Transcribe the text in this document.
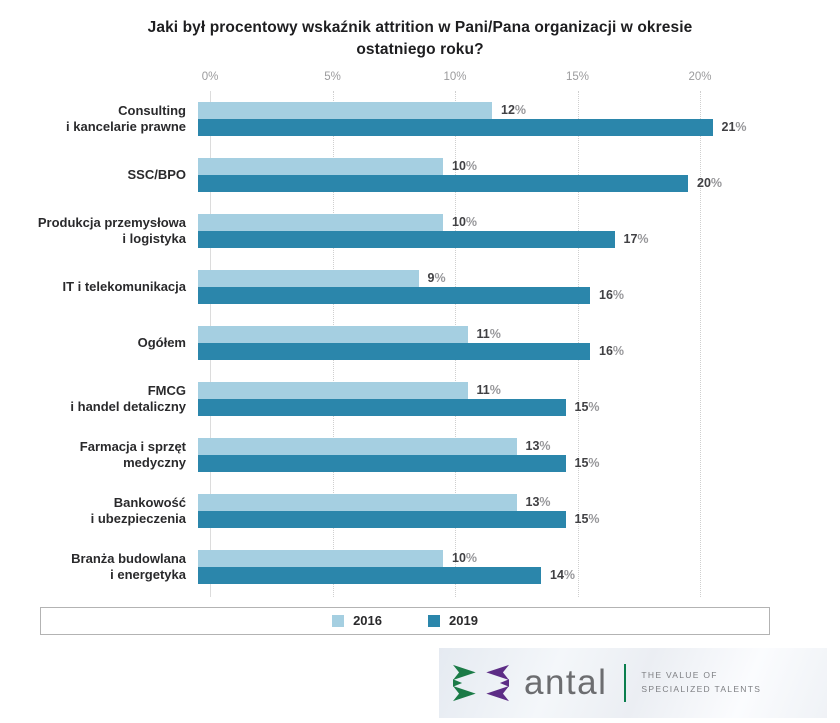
Jaki był procentowy wskaźnik attrition w Pani/Pana organizacji w okresie ostatniego roku?
0%	5%	10%	15%	20%
Consulting
i kancelarie prawne
12%
21%
SSC/BPO
10%
20%
Produkcja przemysłowa
i logistyka
10%
17%
IT i telekomunikacja
9%
16%
Ogółem
11%
16%
FMCG
i handel detaliczny
11%
15%
Farmacja i sprzęt
medyczny
13%
15%
Bankowość
i ubezpieczenia
13%
15%
Branża budowlana
i energetyka
10%
14%
2016	2019
antal	THE VALUE OF
SPECIALIZED TALENTS
